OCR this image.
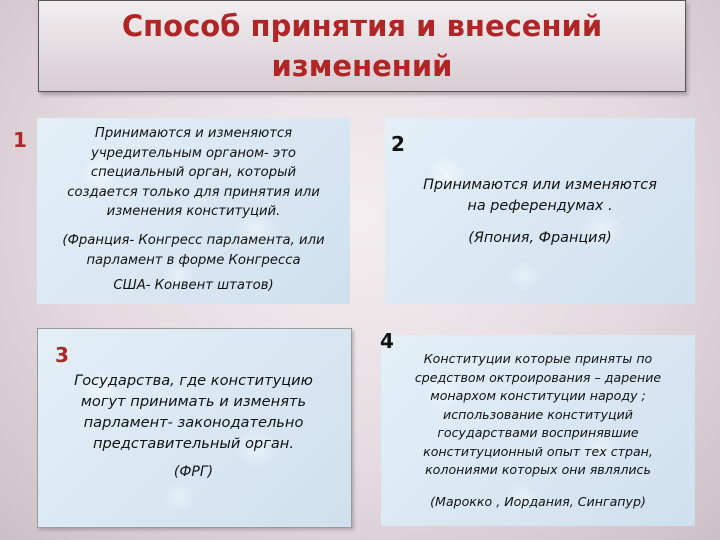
Способ принятия и внесений
изменений
1	Принимаются и изменяются
учредительным органом- это
специальный орган, который
создается только для принятия или
изменения конституций.
(Франция- Конгресс парламента, или
парламент в форме Конгресса
США- Конвент штатов)
2
Принимаются или изменяются
на референдумах .
(Япония, Франция)
3
Государства, где конституцию
могут принимать и изменять
парламент- законодательно
представительный орган.
(ФРГ)
4
Конституции которые приняты по
средством октроирования – дарение
монархом конституции народу ;
использование конституций
государствами воспринявшие
конституционный опыт тех стран,
колониями которых они являлись
(Марокко , Иордания, Сингапур)
